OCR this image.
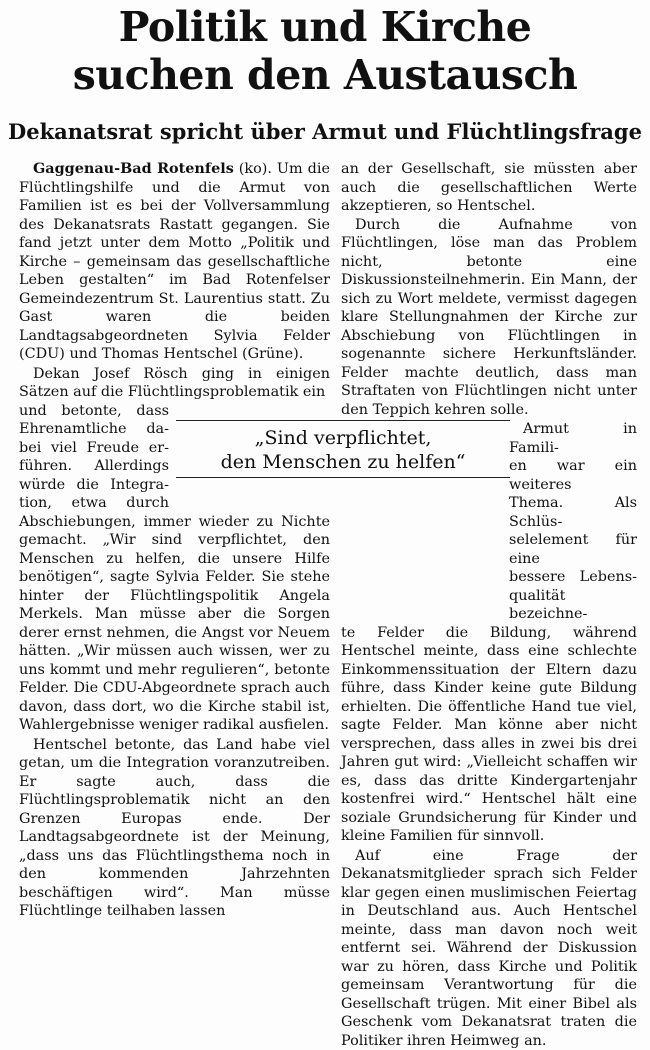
Politik und Kirche
suchen den Austausch
Dekanatsrat spricht über Armut und Flüchtlingsfrage

Gaggenau-Bad Rotenfels (ko). Um die Flüchtlingshilfe und die Armut von Familien ist es bei der Vollversammlung des Dekanatsrats Rastatt gegangen. Sie fand jetzt unter dem Motto „Politik und Kirche – gemeinsam das gesellschaftliche Leben gestalten“ im Bad Rotenfelser Gemeindezentrum St. Laurentius statt. Zu Gast waren die beiden Landtagsabgeordneten Sylvia Felder (CDU) und Thomas Hentschel (Grüne).

Dekan Josef Rösch ging in einigen Sätzen auf die Flüchtlingsproblematik ein

und betonte, dass
Ehrenamtliche da-
bei viel Freude er-
führen. Allerdings
würde die Integra-
tion, etwa durch

Abschiebungen, immer wieder zu Nichte gemacht. „Wir sind verpflichtet, den Menschen zu helfen, die unsere Hilfe benötigen“, sagte Sylvia Felder. Sie stehe hinter der Flüchtlingspolitik Angela Merkels. Man müsse aber die Sorgen derer ernst nehmen, die Angst vor Neuem hätten. „Wir müssen auch wissen, wer zu uns kommt und mehr regulieren“, betonte Felder. Die CDU-Abgeordnete sprach auch davon, dass dort, wo die Kirche stabil ist, Wahlergebnisse weniger radikal ausfielen.

Hentschel betonte, das Land habe viel getan, um die Integration voranzutreiben. Er sagte auch, dass die Flüchtlingsproblematik nicht an den Grenzen Europas ende. Der Landtagsabgeordnete ist der Meinung, „dass uns das Flüchtlingsthema noch in den kommenden Jahrzehnten beschäftigen wird“. Man müsse Flüchtlinge teilhaben lassen

an der Gesellschaft, sie müssten aber auch die gesellschaftlichen Werte akzeptieren, so Hentschel.

Durch die Aufnahme von Flüchtlingen, löse man das Problem nicht, betonte eine Diskussionsteilnehmerin. Ein Mann, der sich zu Wort meldete, vermisst dagegen klare Stellungnahmen der Kirche zur Abschiebung von Flüchtlingen in sogenannte sichere Herkunftsländer. Felder machte deutlich, dass man Straftaten von Flüchtlingen nicht unter den Teppich kehren solle.

Armut in Famili-
en war ein weiteres
Thema. Als Schlüs-
selelement für eine
bessere Lebens-
qualität bezeichne-

te Felder die Bildung, während Hentschel meinte, dass eine schlechte Einkommenssituation der Eltern dazu führe, dass Kinder keine gute Bildung erhielten. Die öffentliche Hand tue viel, sagte Felder. Man könne aber nicht versprechen, dass alles in zwei bis drei Jahren gut wird: „Vielleicht schaffen wir es, dass das dritte Kindergartenjahr kostenfrei wird.“ Hentschel hält eine soziale Grundsicherung für Kinder und kleine Familien für sinnvoll.

Auf eine Frage der Dekanatsmitglieder sprach sich Felder klar gegen einen muslimischen Feiertag in Deutschland aus. Auch Hentschel meinte, dass man davon noch weit entfernt sei. Während der Diskussion war zu hören, dass Kirche und Politik gemeinsam Verantwortung für die Gesellschaft trügen. Mit einer Bibel als Geschenk vom Dekanatsrat traten die Politiker ihren Heimweg an.

„Sind verpflichtet,
den Menschen zu helfen“
